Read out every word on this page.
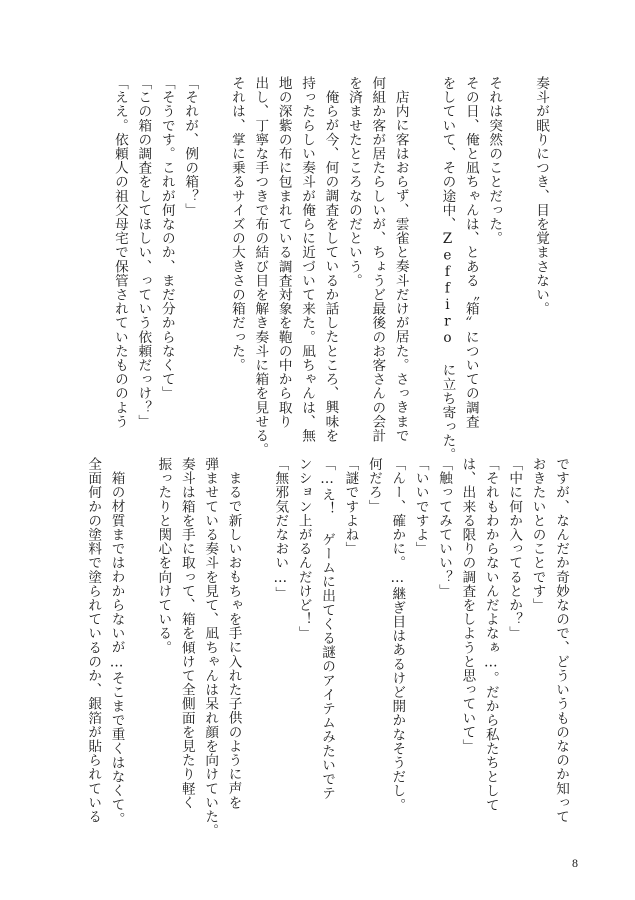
奏斗が眠りにつき、目を覚まさない。
それは突然のことだった。
その日、俺と凪ちゃんは、とある〝箱〟についての調査
をしていて、その途中、Zeffiro に立ち寄った。
店内に客はおらず、雲雀と奏斗だけが居た。さっきまで
何組か客が居たらしいが、ちょうど最後のお客さんの会計
を済ませたところなのだという。
俺らが今、何の調査をしているか話したところ、興味を
持ったらしい奏斗が俺らに近づいて来た。凪ちゃんは、無
地の深紫の布に包まれている調査対象を鞄の中から取り
出し、丁寧な手つきで布の結び目を解き奏斗に箱を見せる。
それは、掌に乗るサイズの大きさの箱だった。
「それが、例の箱？」
「そうです。これが何なのか、まだ分からなくて」
「この箱の調査をしてほしい、っていう依頼だっけ？」
「ええ。依頼人の祖父母宅で保管されていたもののよう
ですが、なんだか奇妙なので、どういうものなのか知って
おきたいとのことです」
「中に何か入ってるとか？」
「それもわからないんだよなぁ…。だから私たちとして
は、出来る限りの調査をしようと思っていて」
「触ってみていい？」
「いいですよ」
「んー、確かに。…継ぎ目はあるけど開かなそうだし。
何だろ」
「謎ですよね」
「…え！ ゲームに出てくる謎のアイテムみたいでテ
ンション上がるんだけど！」
「無邪気だなおい…」
まるで新しいおもちゃを手に入れた子供のように声を
弾ませている奏斗を見て、凪ちゃんは呆れ顔を向けていた。
奏斗は箱を手に取って、箱を傾けて全側面を見たり軽く
振ったりと関心を向けている。
箱の材質まではわからないが…そこまで重くはなくて。
全面何かの塗料で塗られているのか、銀箔が貼られている
8
